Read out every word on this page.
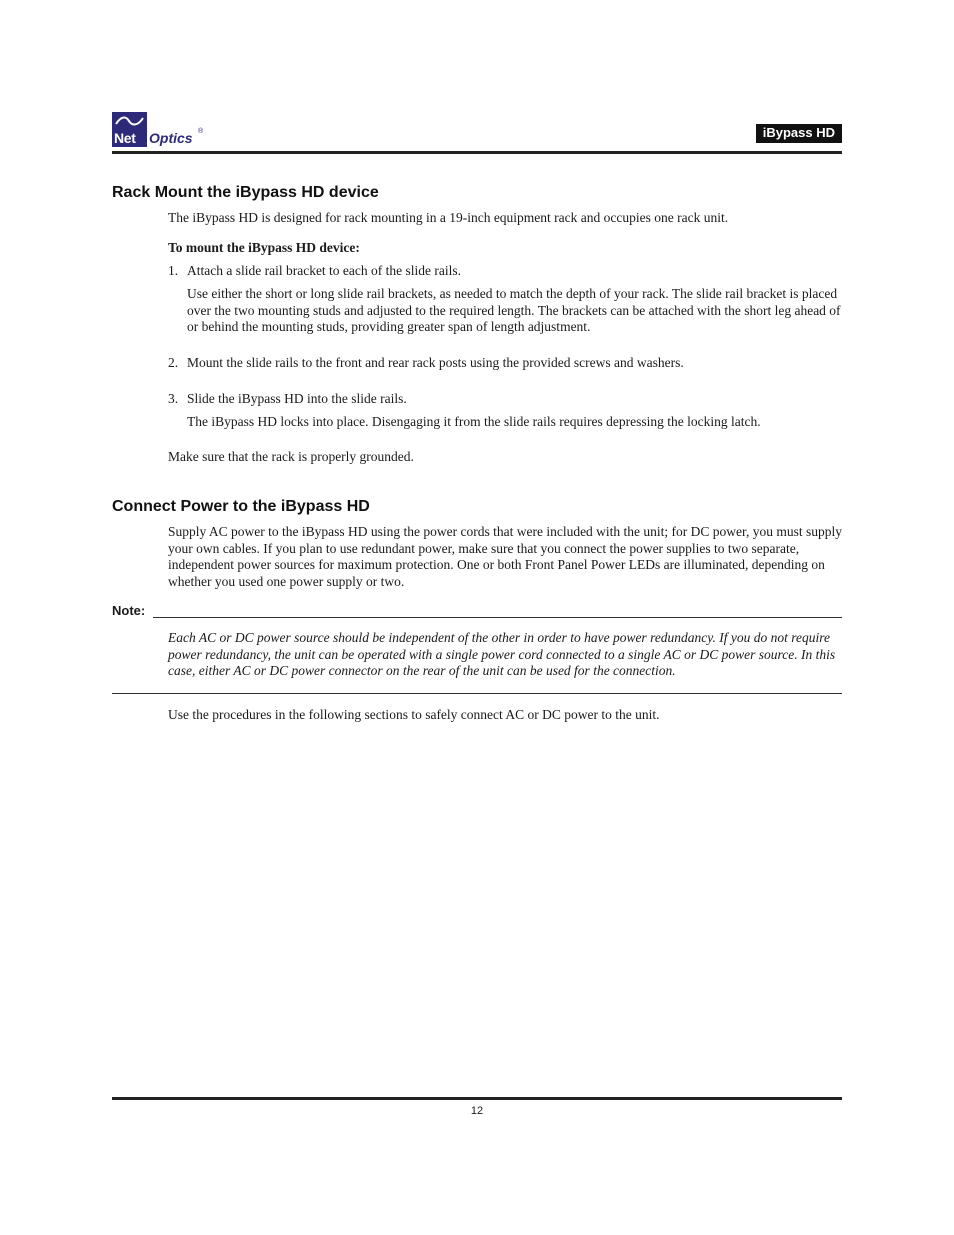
Net Optics ®	iBypass HD
Rack Mount the iBypass HD device

The iBypass HD is designed for rack mounting in a 19-inch equipment rack and occupies one rack unit.

To mount the iBypass HD device:

1. Attach a slide rail bracket to each of the slide rails.

Use either the short or long slide rail brackets, as needed to match the depth of your rack. The slide rail bracket is placed over the two mounting studs and adjusted to the required length. The brackets can be attached with the short leg ahead of or behind the mounting studs, providing greater span of length adjustment.

2. Mount the slide rails to the front and rear rack posts using the provided screws and washers.

3. Slide the iBypass HD into the slide rails.

The iBypass HD locks into place. Disengaging it from the slide rails requires depressing the locking latch.

Make sure that the rack is properly grounded.

Connect Power to the iBypass HD

Supply AC power to the iBypass HD using the power cords that were included with the unit; for DC power, you must supply your own cables. If you plan to use redundant power, make sure that you connect the power supplies to two separate, independent power sources for maximum protection. One or both Front Panel Power LEDs are illuminated, depending on whether you used one power supply or two.

Note:

Each AC or DC power source should be independent of the other in order to have power redundancy. If you do not require power redundancy, the unit can be operated with a single power cord connected to a single AC or DC power source. In this case, either AC or DC power connector on the rear of the unit can be used for the connection.

Use the procedures in the following sections to safely connect AC or DC power to the unit.

12
